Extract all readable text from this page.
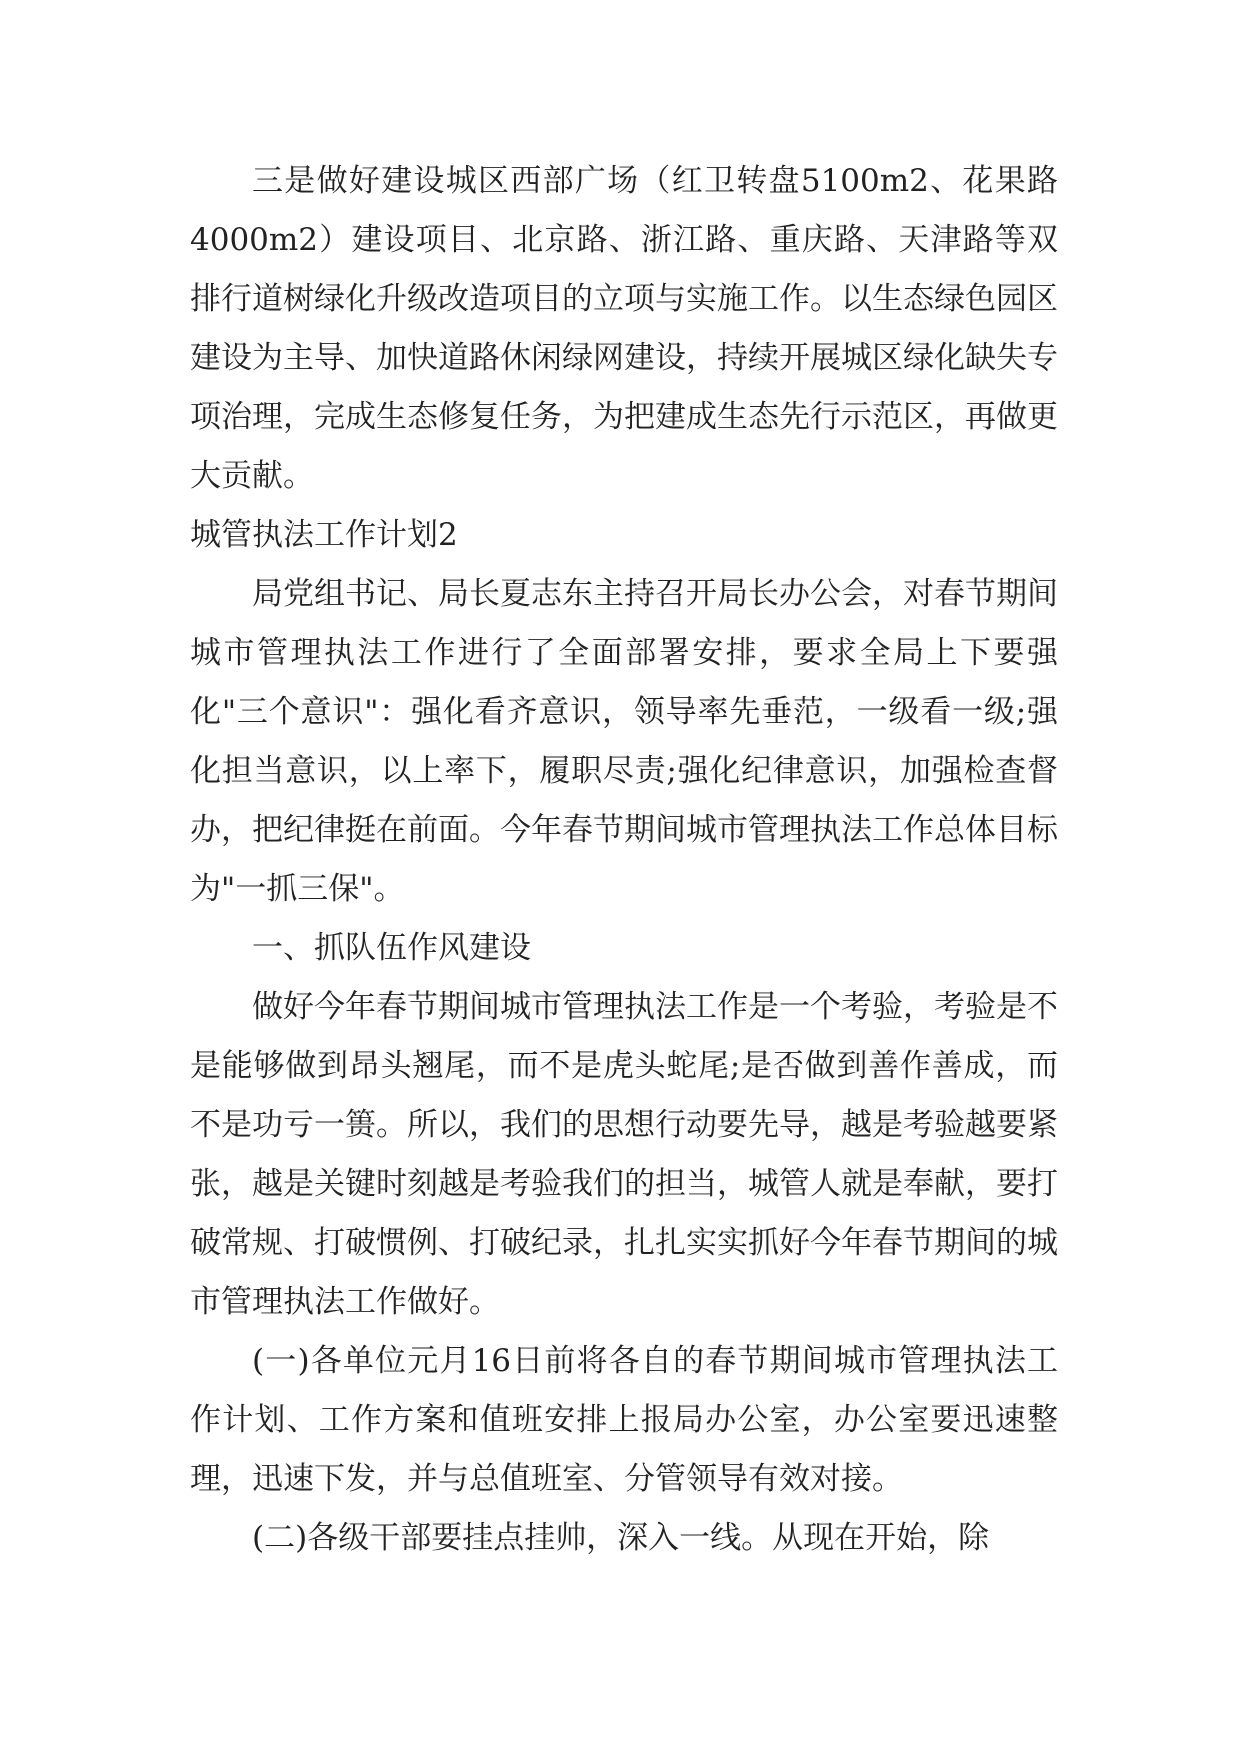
三是做好建设城区西部广场（红卫转盘5100m2、花果路4000m2）建设项目、北京路、浙江路、重庆路、天津路等双排行道树绿化升级改造项目的立项与实施工作。以生态绿色园区建设为主导、加快道路休闲绿网建设，持续开展城区绿化缺失专项治理，完成生态修复任务，为把建成生态先行示范区，再做更大贡献。

城管执法工作计划2

局党组书记、局长夏志东主持召开局长办公会，对春节期间城市管理执法工作进行了全面部署安排，要求全局上下要强化"三个意识"：强化看齐意识，领导率先垂范，一级看一级;强化担当意识，以上率下，履职尽责;强化纪律意识，加强检查督办，把纪律挺在前面。今年春节期间城市管理执法工作总体目标为"一抓三保"。

一、抓队伍作风建设

做好今年春节期间城市管理执法工作是一个考验，考验是不是能够做到昂头翘尾，而不是虎头蛇尾;是否做到善作善成，而不是功亏一篑。所以，我们的思想行动要先导，越是考验越要紧张，越是关键时刻越是考验我们的担当，城管人就是奉献，要打破常规、打破惯例、打破纪录，扎扎实实抓好今年春节期间的城市管理执法工作做好。

(一)各单位元月16日前将各自的春节期间城市管理执法工作计划、工作方案和值班安排上报局办公室，办公室要迅速整理，迅速下发，并与总值班室、分管领导有效对接。

(二)各级干部要挂点挂帅，深入一线。从现在开始，除
